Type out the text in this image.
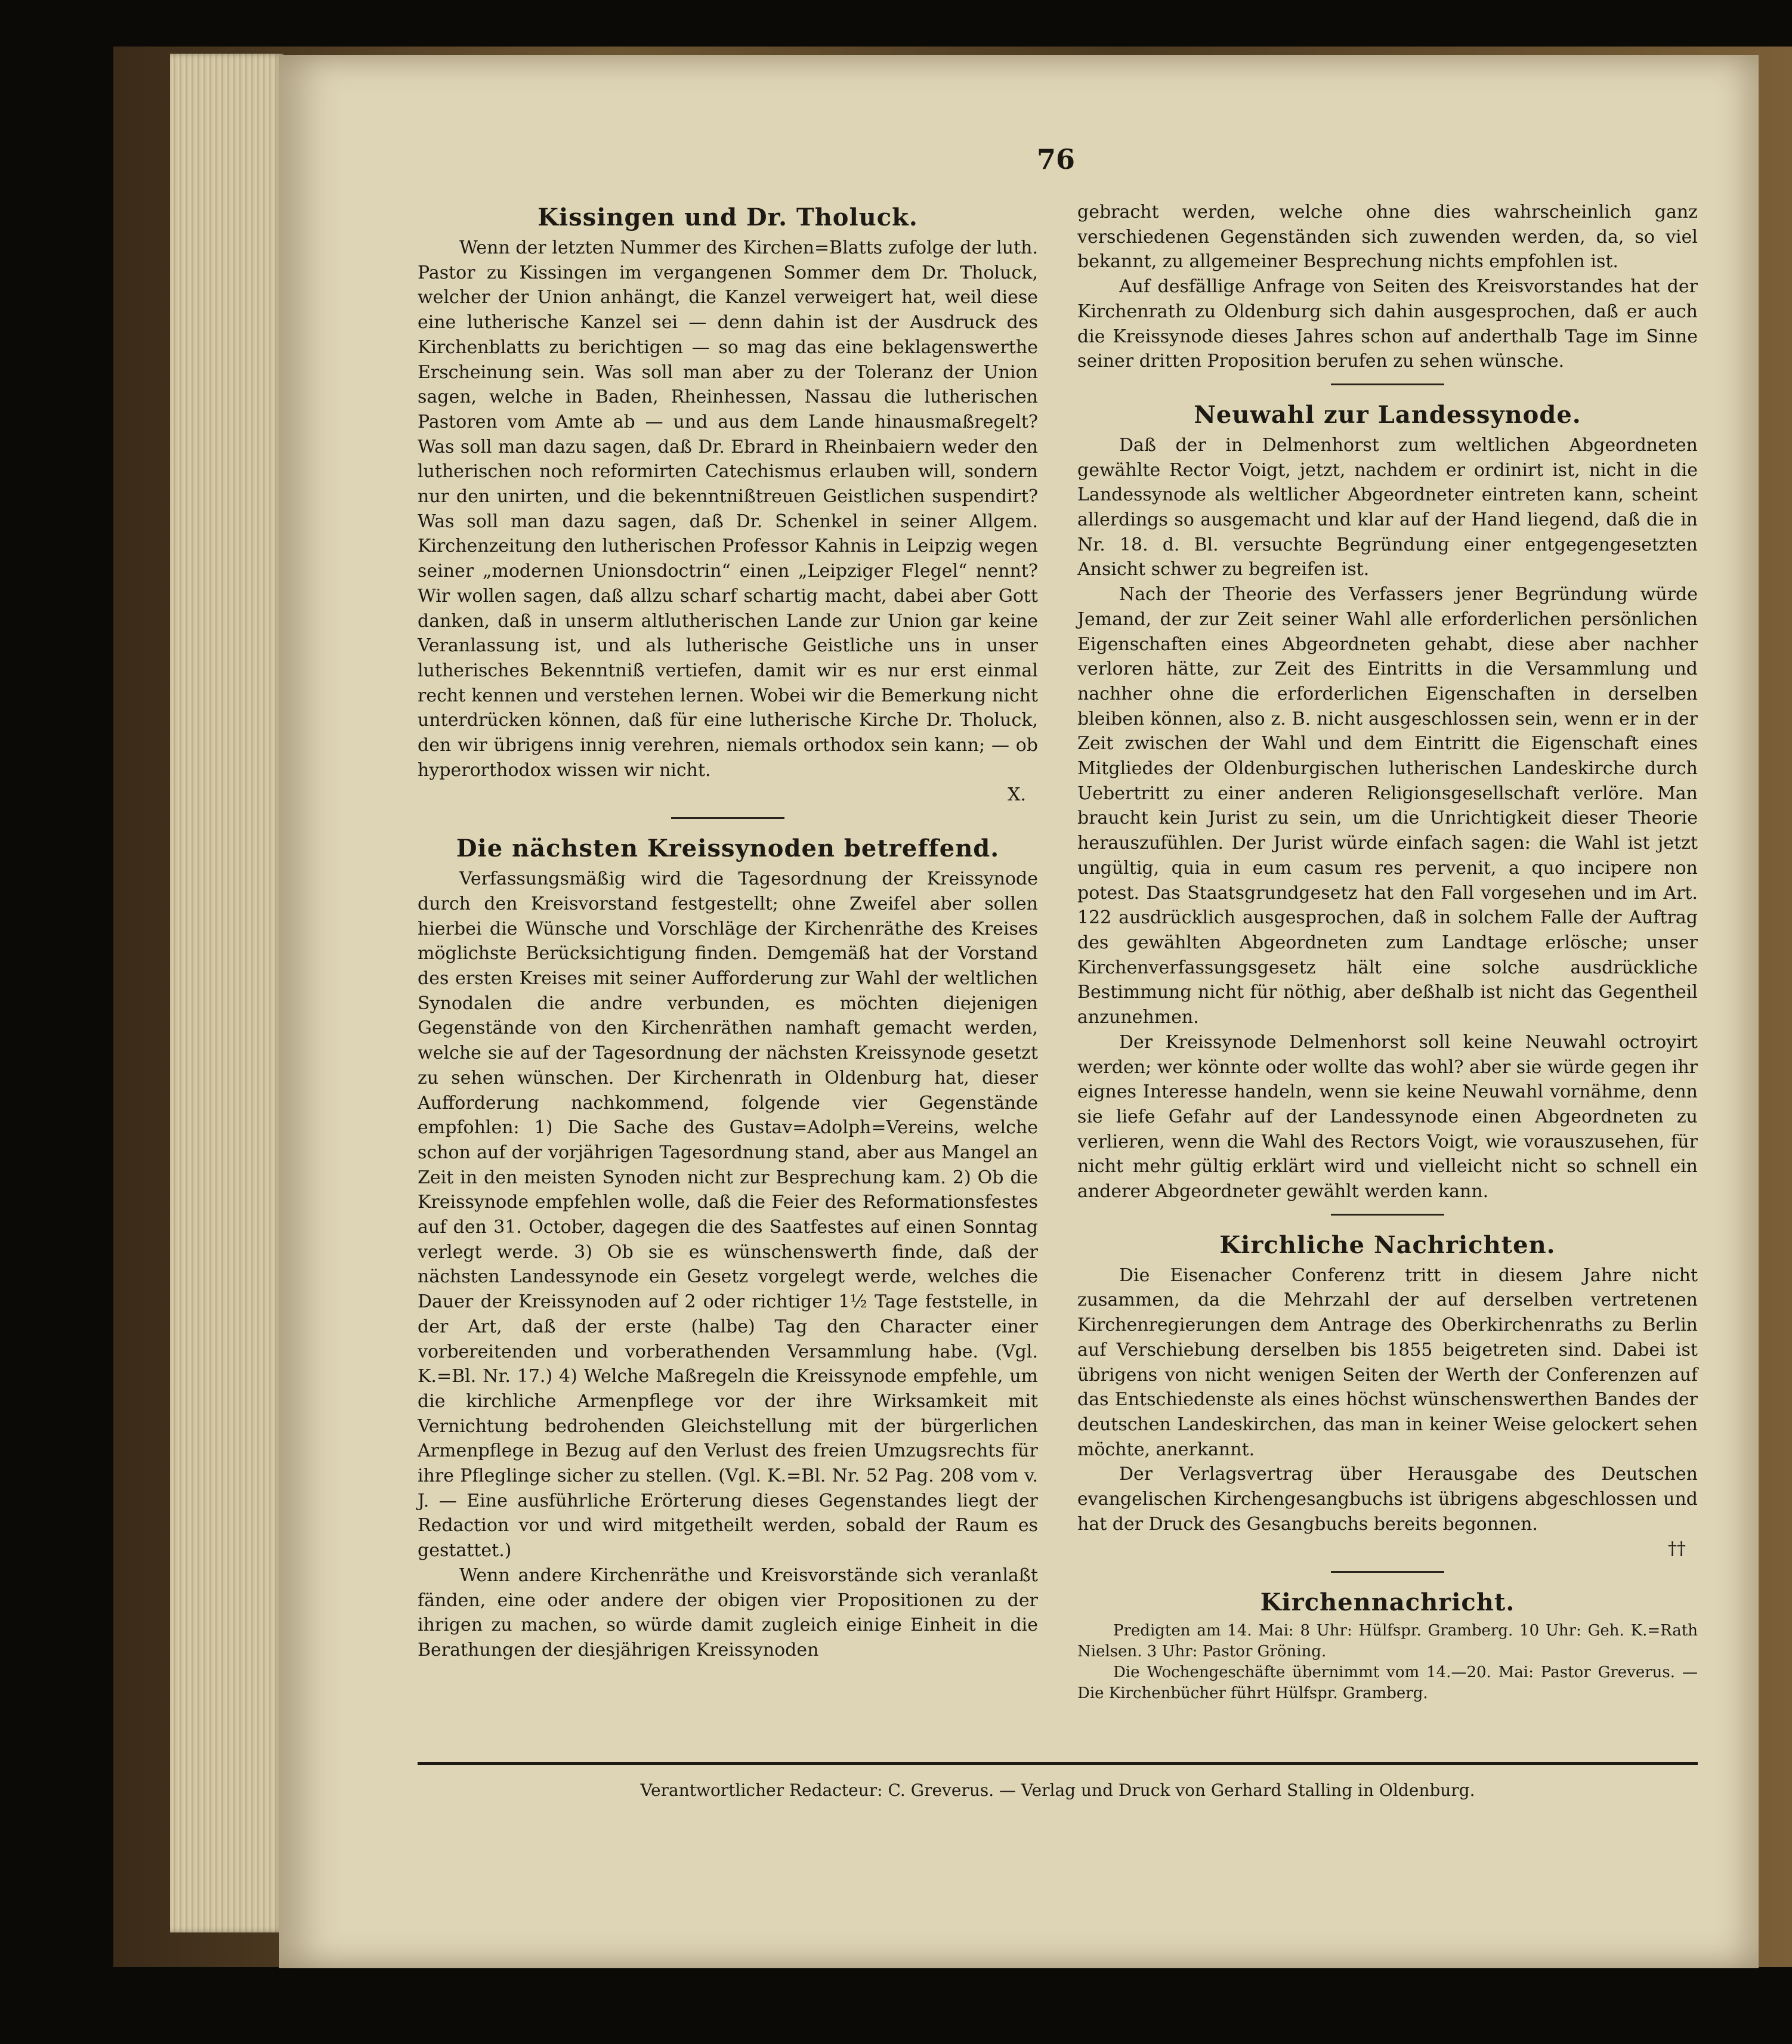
76
Kissingen und Dr. Tholuck.

Wenn der letzten Nummer des Kirchen=Blatts zufolge der luth. Pastor zu Kissingen im vergangenen Sommer dem Dr. Tholuck, welcher der Union anhängt, die Kanzel verweigert hat, weil diese eine lutherische Kanzel sei — denn dahin ist der Ausdruck des Kirchenblatts zu berichtigen — so mag das eine beklagenswerthe Erscheinung sein. Was soll man aber zu der Toleranz der Union sagen, welche in Baden, Rheinhessen, Nassau die lutherischen Pastoren vom Amte ab — und aus dem Lande hinausmaßregelt? Was soll man dazu sagen, daß Dr. Ebrard in Rheinbaiern weder den lutherischen noch reformirten Catechismus erlauben will, sondern nur den unirten, und die bekenntnißtreuen Geistlichen suspendirt? Was soll man dazu sagen, daß Dr. Schenkel in seiner Allgem. Kirchenzeitung den lutherischen Professor Kahnis in Leipzig wegen seiner „modernen Unionsdoctrin“ einen „Leipziger Flegel“ nennt? Wir wollen sagen, daß allzu scharf schartig macht, dabei aber Gott danken, daß in unserm altlutherischen Lande zur Union gar keine Veranlassung ist, und als lutherische Geistliche uns in unser lutherisches Bekenntniß vertiefen, damit wir es nur erst einmal recht kennen und verstehen lernen. Wobei wir die Bemerkung nicht unterdrücken können, daß für eine lutherische Kirche Dr. Tholuck, den wir übrigens innig verehren, niemals orthodox sein kann; — ob hyperorthodox wissen wir nicht.

X.

Die nächsten Kreissynoden betreffend.

Verfassungsmäßig wird die Tagesordnung der Kreissynode durch den Kreisvorstand festgestellt; ohne Zweifel aber sollen hierbei die Wünsche und Vorschläge der Kirchenräthe des Kreises möglichste Berücksichtigung finden. Demgemäß hat der Vorstand des ersten Kreises mit seiner Aufforderung zur Wahl der weltlichen Synodalen die andre verbunden, es möchten diejenigen Gegenstände von den Kirchenräthen namhaft gemacht werden, welche sie auf der Tagesordnung der nächsten Kreissynode gesetzt zu sehen wünschen. Der Kirchenrath in Oldenburg hat, dieser Aufforderung nachkommend, folgende vier Gegenstände empfohlen: 1) Die Sache des Gustav=Adolph=Vereins, welche schon auf der vorjährigen Tagesordnung stand, aber aus Mangel an Zeit in den meisten Synoden nicht zur Besprechung kam. 2) Ob die Kreissynode empfehlen wolle, daß die Feier des Reformationsfestes auf den 31. October, dagegen die des Saatfestes auf einen Sonntag verlegt werde. 3) Ob sie es wünschenswerth finde, daß der nächsten Landessynode ein Gesetz vorgelegt werde, welches die Dauer der Kreissynoden auf 2 oder richtiger 1½ Tage feststelle, in der Art, daß der erste (halbe) Tag den Character einer vorbereitenden und vorberathenden Versammlung habe. (Vgl. K.=Bl. Nr. 17.) 4) Welche Maßregeln die Kreissynode empfehle, um die kirchliche Armenpflege vor der ihre Wirksamkeit mit Vernichtung bedrohenden Gleichstellung mit der bürgerlichen Armenpflege in Bezug auf den Verlust des freien Umzugsrechts für ihre Pfleglinge sicher zu stellen. (Vgl. K.=Bl. Nr. 52 Pag. 208 vom v. J. — Eine ausführliche Erörterung dieses Gegenstandes liegt der Redaction vor und wird mitgetheilt werden, sobald der Raum es gestattet.)

Wenn andere Kirchenräthe und Kreisvorstände sich veranlaßt fänden, eine oder andere der obigen vier Propositionen zu der ihrigen zu machen, so würde damit zugleich einige Einheit in die Berathungen der diesjährigen Kreissynoden

gebracht werden, welche ohne dies wahrscheinlich ganz verschiedenen Gegenständen sich zuwenden werden, da, so viel bekannt, zu allgemeiner Besprechung nichts empfohlen ist.

Auf desfällige Anfrage von Seiten des Kreisvorstandes hat der Kirchenrath zu Oldenburg sich dahin ausgesprochen, daß er auch die Kreissynode dieses Jahres schon auf anderthalb Tage im Sinne seiner dritten Proposition berufen zu sehen wünsche.

Neuwahl zur Landessynode.

Daß der in Delmenhorst zum weltlichen Abgeordneten gewählte Rector Voigt, jetzt, nachdem er ordinirt ist, nicht in die Landessynode als weltlicher Abgeordneter eintreten kann, scheint allerdings so ausgemacht und klar auf der Hand liegend, daß die in Nr. 18. d. Bl. versuchte Begründung einer entgegengesetzten Ansicht schwer zu begreifen ist.

Nach der Theorie des Verfassers jener Begründung würde Jemand, der zur Zeit seiner Wahl alle erforderlichen persönlichen Eigenschaften eines Abgeordneten gehabt, diese aber nachher verloren hätte, zur Zeit des Eintritts in die Versammlung und nachher ohne die erforderlichen Eigenschaften in derselben bleiben können, also z. B. nicht ausgeschlossen sein, wenn er in der Zeit zwischen der Wahl und dem Eintritt die Eigenschaft eines Mitgliedes der Oldenburgischen lutherischen Landeskirche durch Uebertritt zu einer anderen Religionsgesellschaft verlöre. Man braucht kein Jurist zu sein, um die Unrichtigkeit dieser Theorie herauszufühlen. Der Jurist würde einfach sagen: die Wahl ist jetzt ungültig, quia in eum casum res pervenit, a quo incipere non potest. Das Staatsgrundgesetz hat den Fall vorgesehen und im Art. 122 ausdrücklich ausgesprochen, daß in solchem Falle der Auftrag des gewählten Abgeordneten zum Landtage erlösche; unser Kirchenverfassungsgesetz hält eine solche ausdrückliche Bestimmung nicht für nöthig, aber deßhalb ist nicht das Gegentheil anzunehmen.

Der Kreissynode Delmenhorst soll keine Neuwahl octroyirt werden; wer könnte oder wollte das wohl? aber sie würde gegen ihr eignes Interesse handeln, wenn sie keine Neuwahl vornähme, denn sie liefe Gefahr auf der Landessynode einen Abgeordneten zu verlieren, wenn die Wahl des Rectors Voigt, wie vorauszusehen, für nicht mehr gültig erklärt wird und vielleicht nicht so schnell ein anderer Abgeordneter gewählt werden kann.

Kirchliche Nachrichten.

Die Eisenacher Conferenz tritt in diesem Jahre nicht zusammen, da die Mehrzahl der auf derselben vertretenen Kirchenregierungen dem Antrage des Oberkirchenraths zu Berlin auf Verschiebung derselben bis 1855 beigetreten sind. Dabei ist übrigens von nicht wenigen Seiten der Werth der Conferenzen auf das Entschiedenste als eines höchst wünschenswerthen Bandes der deutschen Landeskirchen, das man in keiner Weise gelockert sehen möchte, anerkannt.

Der Verlagsvertrag über Herausgabe des Deutschen evangelischen Kirchengesangbuchs ist übrigens abgeschlossen und hat der Druck des Gesangbuchs bereits begonnen.

††

Kirchennachricht.

Predigten am 14. Mai: 8 Uhr: Hülfspr. Gramberg. 10 Uhr: Geh. K.=Rath Nielsen. 3 Uhr: Pastor Gröning.

Die Wochengeschäfte übernimmt vom 14.—20. Mai: Pastor Greverus. — Die Kirchenbücher führt Hülfspr. Gramberg.

Verantwortlicher Redacteur: C. Greverus. — Verlag und Druck von Gerhard Stalling in Oldenburg.
